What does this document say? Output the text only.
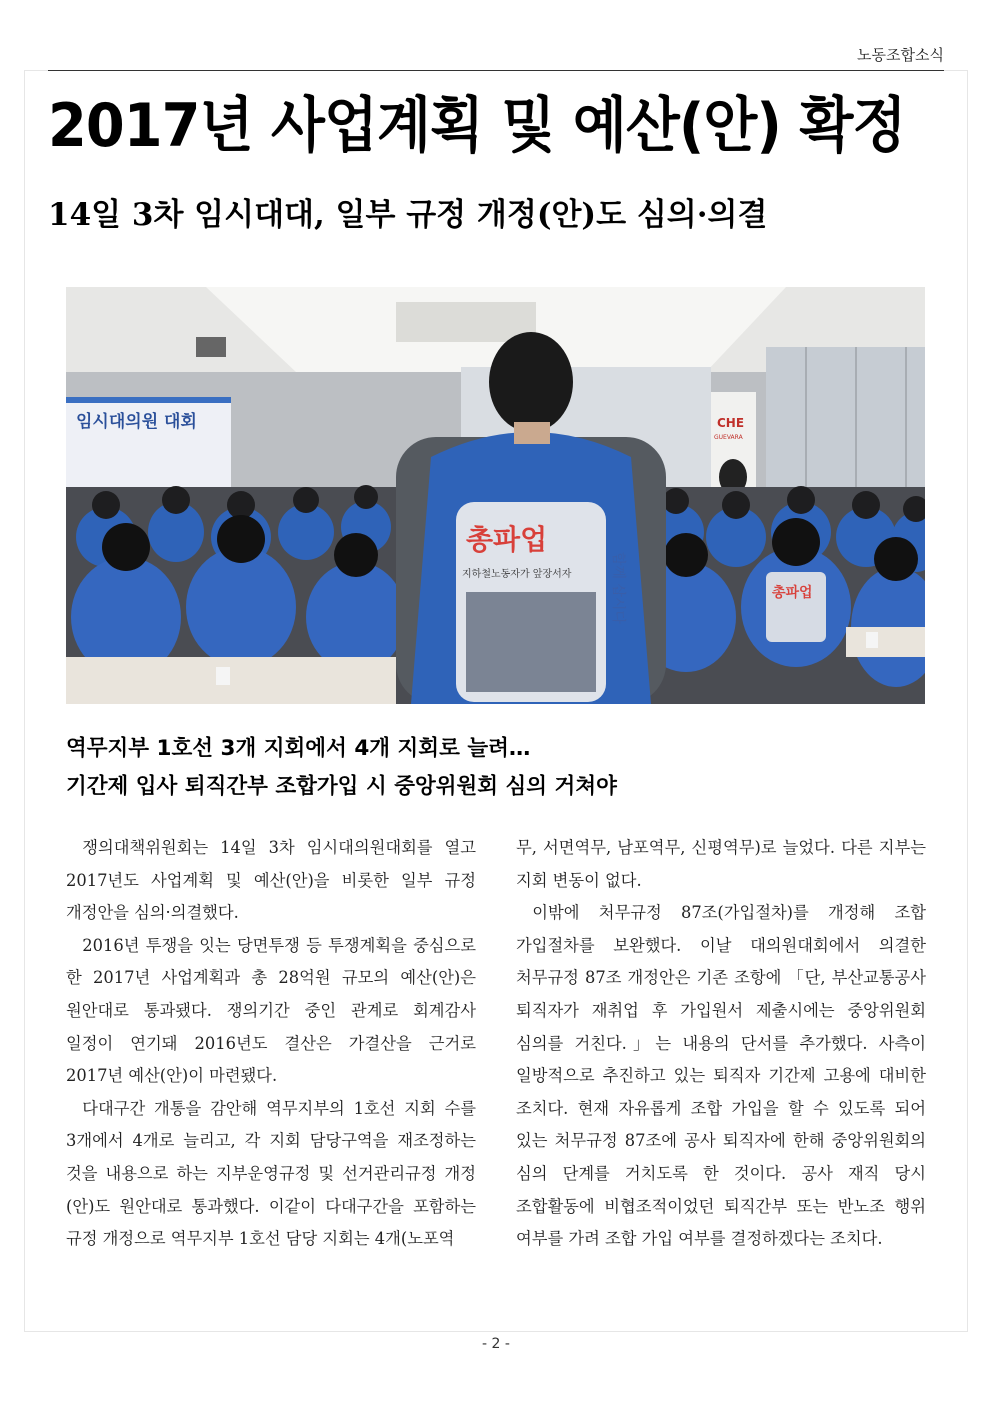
노동조합소식
2017년 사업계획 및 예산(안) 확정
14일 3차 임시대대, 일부 규정 개정(안)도 심의·의결
임시대의원 대회	CHE
GUEVARA
총파업
총파업
지하철노동자가 앞장서자	함께 삽시다
역무지부 1호선 3개 지회에서 4개 지회로 늘려…
기간제 입사 퇴직간부 조합가입 시 중앙위원회 심의 거쳐야

쟁의대책위원회는 14일 3차 임시대의원대회를 열고 2017년도 사업계획 및 예산(안)을 비롯한 일부 규정 개정안을 심의·의결했다.

2016년 투쟁을 잇는 당면투쟁 등 투쟁계획을 중심으로 한 2017년 사업계획과 총 28억원 규모의 예산(안)은 원안대로 통과됐다. 쟁의기간 중인 관계로 회계감사 일정이 연기돼 2016년도 결산은 가결산을 근거로 2017년 예산(안)이 마련됐다.

다대구간 개통을 감안해 역무지부의 1호선 지회 수를 3개에서 4개로 늘리고, 각 지회 담당구역을 재조정하는 것을 내용으로 하는 지부운영규정 및 선거관리규정 개정(안)도 원안대로 통과했다. 이같이 다대구간을 포함하는 규정 개정으로 역무지부 1호선 담당 지회는 4개(노포역

무, 서면역무, 남포역무, 신평역무)로 늘었다. 다른 지부는 지회 변동이 없다.

이밖에 처무규정 87조(가입절차)를 개정해 조합 가입절차를 보완했다. 이날 대의원대회에서 의결한 처무규정 87조 개정안은 기존 조항에 「단, 부산교통공사 퇴직자가 재취업 후 가입원서 제출시에는 중앙위원회 심의를 거친다.」는 내용의 단서를 추가했다. 사측이 일방적으로 추진하고 있는 퇴직자 기간제 고용에 대비한 조치다. 현재 자유롭게 조합 가입을 할 수 있도록 되어 있는 처무규정 87조에 공사 퇴직자에 한해 중앙위원회의 심의 단계를 거치도록 한 것이다. 공사 재직 당시 조합활동에 비협조적이었던 퇴직간부 또는 반노조 행위 여부를 가려 조합 가입 여부를 결정하겠다는 조치다.

- 2 -
